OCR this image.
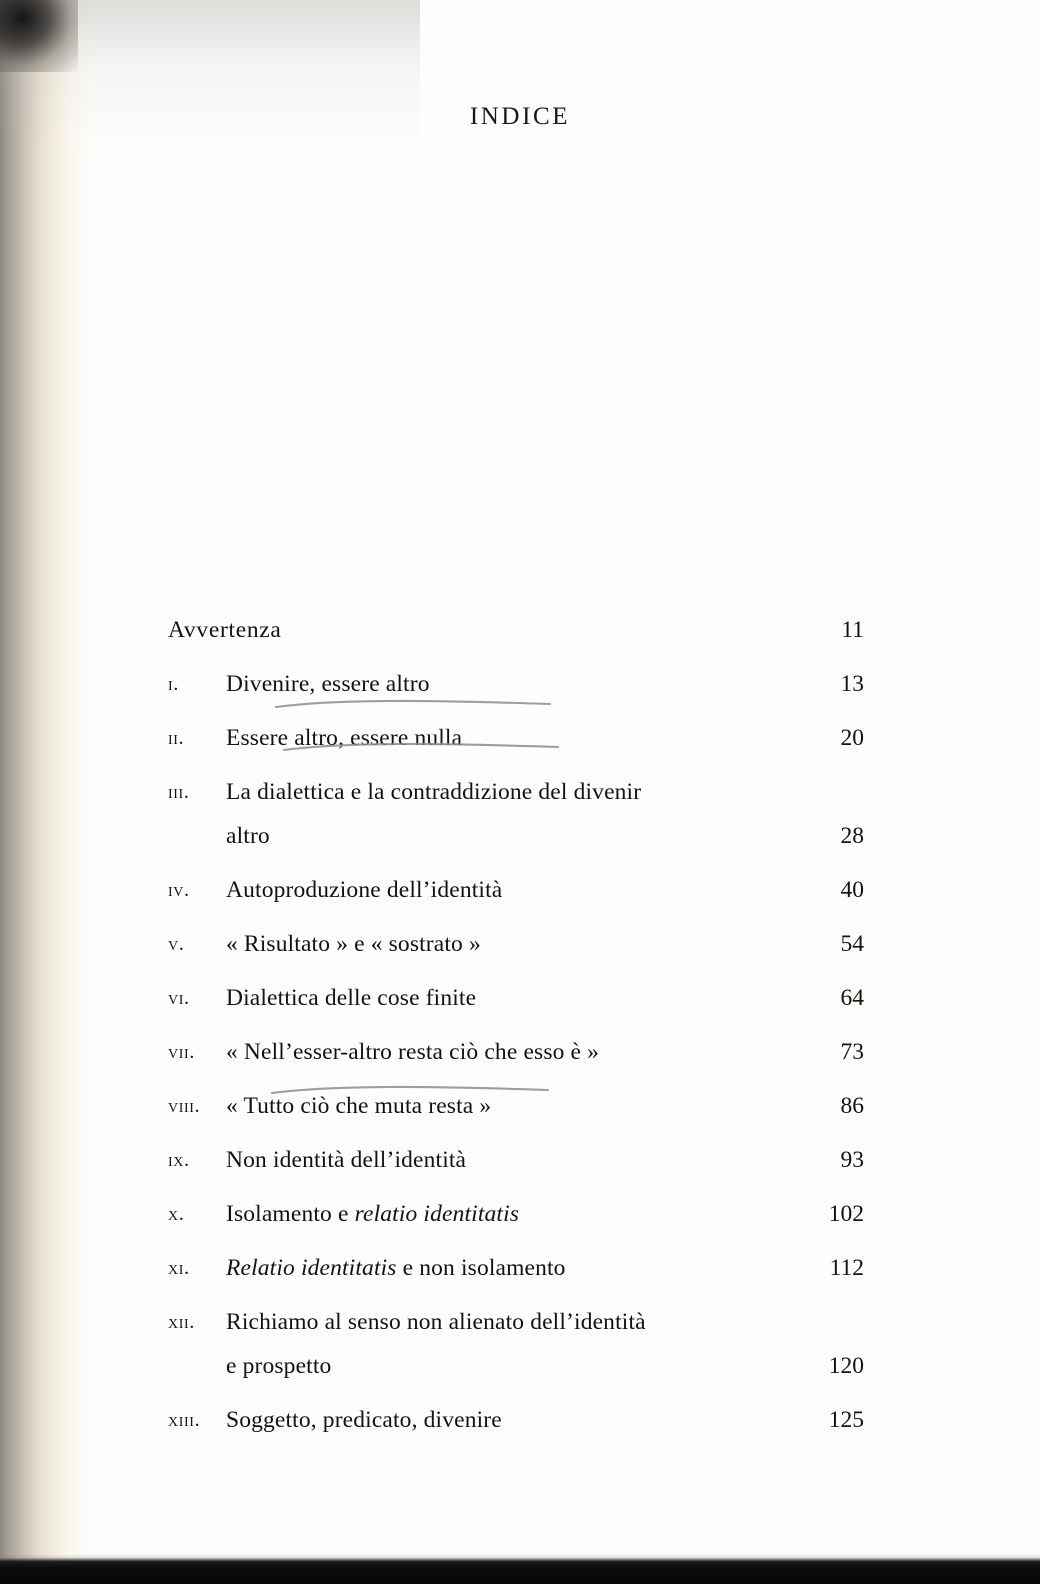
INDICE
Avvertenza	11
i.	Divenire, essere altro	13
ii.	Essere altro, essere nulla	20
iii.	La dialettica e la contraddizione del divenir
altro	28
iv.	Autoproduzione dell’identità	40
v.	« Risultato » e « sostrato »	54
vi.	Dialettica delle cose finite	64
vii.	« Nell’esser-altro resta ciò che esso è »	73
viii.	« Tutto ciò che muta resta »	86
ix.	Non identità dell’identità	93
x.	Isolamento e relatio identitatis	102
xi.	Relatio identitatis e non isolamento	112
xii.	Richiamo al senso non alienato dell’identità
e prospetto	120
xiii.	Soggetto, predicato, divenire	125
